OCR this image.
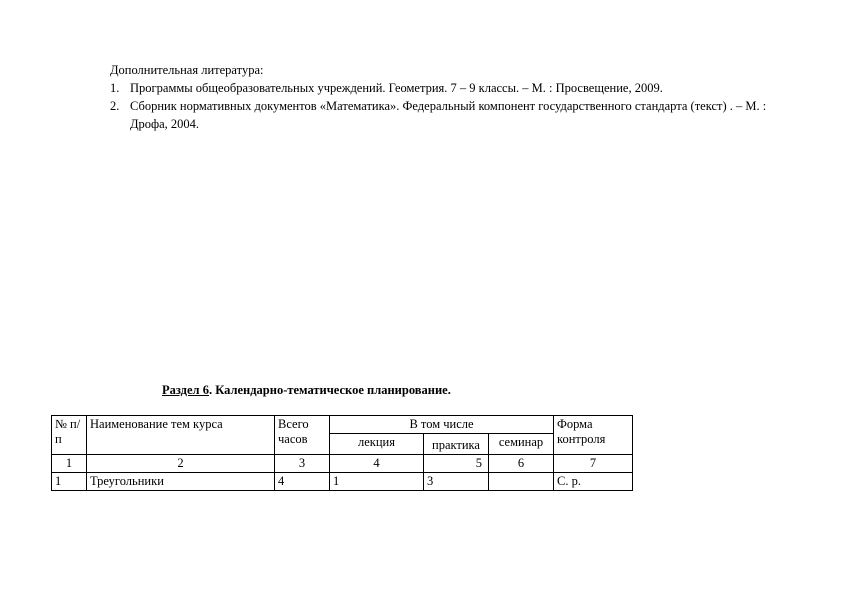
Дополнительная литература:
1. Программы общеобразовательных учреждений. Геометрия. 7 – 9 классы. – М. : Просвещение, 2009.
2. Сборник нормативных документов «Математика». Федеральный компонент государственного стандарта (текст) . – М. : Дрофа, 2004.
Раздел 6. Календарно-тематическое планирование.
№ п/п	Наименование тем курса	Всего часов	В том числе			Форма контроля
			лекция	практика	семинар	
1	2	3	4	5	6	7
1	Треугольники	4	1	3		С. р.
